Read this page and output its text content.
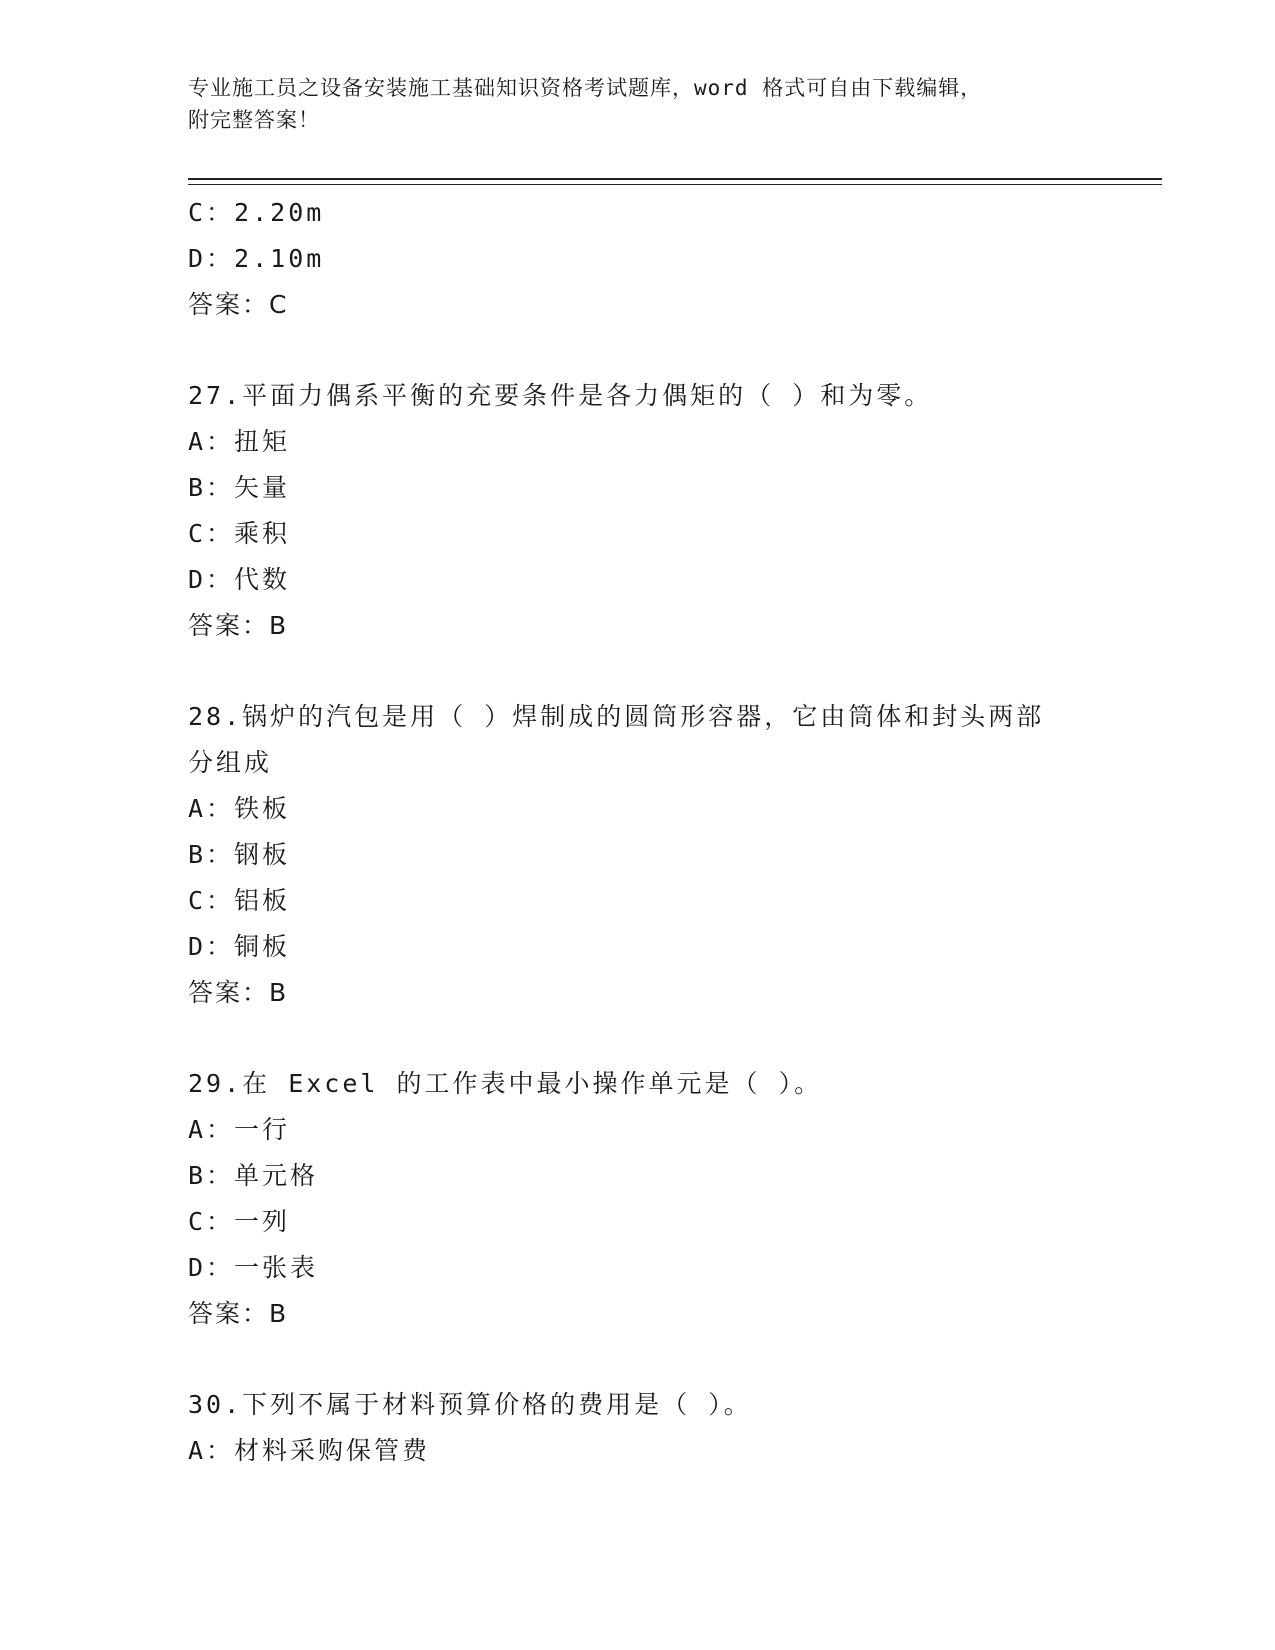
专业施工员之设备安装施工基础知识资格考试题库，word 格式可自由下载编辑，
附完整答案！
C：2.20m
D：2.10m
答案：C
27.平面力偶系平衡的充要条件是各力偶矩的（ ）和为零。
A：扭矩
B：矢量
C：乘积
D：代数
答案：B
28.锅炉的汽包是用（ ）焊制成的圆筒形容器，它由筒体和封头两部
分组成
A：铁板
B：钢板
C：铝板
D：铜板
答案：B
29.在 Excel 的工作表中最小操作单元是（ ）。
A：一行
B：单元格
C：一列
D：一张表
答案：B
30.下列不属于材料预算价格的费用是（ ）。
A：材料采购保管费
